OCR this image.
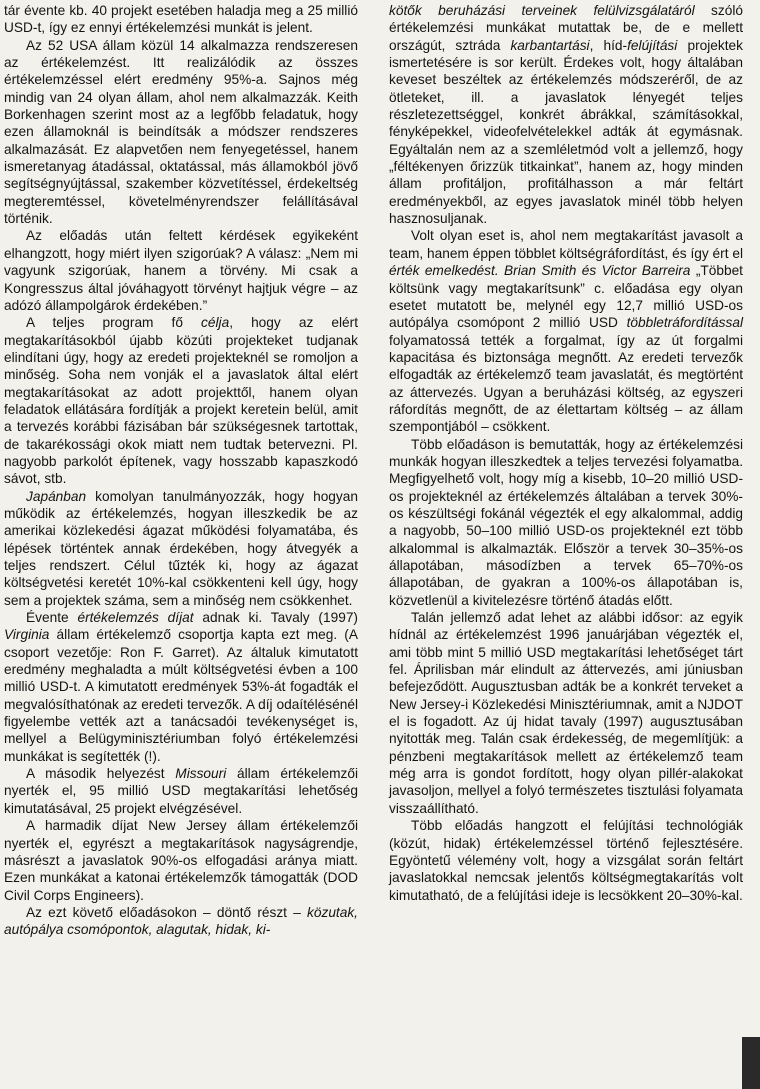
tár évente kb. 40 projekt esetében haladja meg a 25 millió USD-t, így ez ennyi értékelemzési munkát is jelent.

Az 52 USA állam közül 14 alkalmazza rendszeresen az értékelemzést. Itt realizálódik az összes értékelemzéssel elért eredmény 95%-a. Sajnos még mindig van 24 olyan állam, ahol nem alkalmazzák. Keith Borkenhagen szerint most az a legfőbb feladatuk, hogy ezen államoknál is beindítsák a módszer rendszeres alkalmazását. Ez alapvetően nem fenyegetéssel, hanem ismeretanyag átadással, oktatással, más államokból jövő segítségnyújtással, szakember közvetítéssel, érdekeltség megteremtéssel, követelményrendszer felállításával történik.

Az előadás után feltett kérdések egyikeként elhangzott, hogy miért ilyen szigorúak? A válasz: „Nem mi vagyunk szigorúak, hanem a törvény. Mi csak a Kongresszus által jóváhagyott törvényt hajtjuk végre – az adózó állampolgárok érdekében.”

A teljes program fő célja, hogy az elért megtakarításokból újabb közúti projekteket tudjanak elindítani úgy, hogy az eredeti projekteknél se romoljon a minőség. Soha nem vonják el a javaslatok által elért megtakarításokat az adott projekttől, hanem olyan feladatok ellátására fordítják a projekt keretein belül, amit a tervezés korábbi fázisában bár szükségesnek tartottak, de takarékossági okok miatt nem tudtak betervezni. Pl. nagyobb parkolót építenek, vagy hosszabb kapaszkodó sávot, stb.

Japánban komolyan tanulmányozzák, hogy hogyan működik az értékelemzés, hogyan illeszkedik be az amerikai közlekedési ágazat működési folyamatába, és lépések történtek annak érdekében, hogy átvegyék a teljes rendszert. Célul tűzték ki, hogy az ágazat költségvetési keretét 10%-kal csökkenteni kell úgy, hogy sem a projektek száma, sem a minőség nem csökkenhet.

Évente értékelemzés díjat adnak ki. Tavaly (1997) Virginia állam értékelemző csoportja kapta ezt meg. (A csoport vezetője: Ron F. Garret). Az általuk kimutatott eredmény meghaladta a múlt költségvetési évben a 100 millió USD-t. A kimutatott eredmények 53%-át fogadták el megvalósíthatónak az eredeti tervezők. A díj odaítélésénél figyelembe vették azt a tanácsadói tevékenységet is, mellyel a Belügyminisztériumban folyó értékelemzési munkákat is segítették (!).

A második helyezést Missouri állam értékelemzői nyerték el, 95 millió USD megtakarítási lehetőség kimutatásával, 25 projekt elvégzésével.

A harmadik díjat New Jersey állam értékelemzői nyerték el, egyrészt a megtakarítások nagyságrendje, másrészt a javaslatok 90%-os elfogadási aránya miatt. Ezen munkákat a katonai értékelemzők támogatták (DOD Civil Corps Engineers).

Az ezt követő előadásokon – döntő részt – közutak, autópálya csomópontok, alagutak, hidak, ki-

kötők beruházási terveinek felülvizsgálatáról szóló értékelemzési munkákat mutattak be, de e mellett országút, sztráda karbantartási, híd-felújítási projektek ismertetésére is sor került. Érdekes volt, hogy általában keveset beszéltek az értékelemzés módszeréről, de az ötleteket, ill. a javaslatok lényegét teljes részletezettséggel, konkrét ábrákkal, számításokkal, fényképekkel, videofelvételekkel adták át egymásnak. Egyáltalán nem az a szemléletmód volt a jellemző, hogy „féltékenyen őrizzük titkainkat”, hanem az, hogy minden állam profitáljon, profitálhasson a már feltárt eredményekből, az egyes javaslatok minél több helyen hasznosuljanak.

Volt olyan eset is, ahol nem megtakarítást javasolt a team, hanem éppen többlet költségráfordítást, és így ért el érték emelkedést. Brian Smith és Victor Barreira „Többet költsünk vagy megtakarítsunk” c. előadása egy olyan esetet mutatott be, melynél egy 12,7 millió USD-os autópálya csomópont 2 millió USD többletráfordítással folyamatossá tették a forgalmat, így az út forgalmi kapacitása és biztonsága megnőtt. Az eredeti tervezők elfogadták az értékelemző team javaslatát, és megtörtént az áttervezés. Ugyan a beruházási költség, az egyszeri ráfordítás megnőtt, de az élettartam költség – az állam szempontjából – csökkent.

Több előadáson is bemutatták, hogy az értékelemzési munkák hogyan illeszkedtek a teljes tervezési folyamatba. Megfigyelhető volt, hogy míg a kisebb, 10–20 millió USD-os projekteknél az értékelemzés általában a tervek 30%-os készültségi fokánál végezték el egy alkalommal, addig a nagyobb, 50–100 millió USD-os projekteknél ezt több alkalommal is alkalmazták. Először a tervek 30–35%-os állapotában, másodízben a tervek 65–70%-os állapotában, de gyakran a 100%-os állapotában is, közvetlenül a kivitelezésre történő átadás előtt.

Talán jellemző adat lehet az alábbi idősor: az egyik hídnál az értékelemzést 1996 januárjában végezték el, ami több mint 5 millió USD megtakarítási lehetőséget tárt fel. Áprilisban már elindult az áttervezés, ami júniusban befejeződött. Augusztusban adták be a konkrét terveket a New Jersey-i Közlekedési Minisztériumnak, amit a NJDOT el is fogadott. Az új hidat tavaly (1997) augusztusában nyitották meg. Talán csak érdekesség, de megemlítjük: a pénzbeni megtakarítások mellett az értékelemző team még arra is gondot fordított, hogy olyan pillér-alakokat javasoljon, mellyel a folyó természetes tisztulási folyamata visszaállítható.

Több előadás hangzott el felújítási technológiák (közút, hidak) értékelemzéssel történő fejlesztésére. Egyöntetű vélemény volt, hogy a vizsgálat során feltárt javaslatokkal nemcsak jelentős költségmegtakarítás volt kimutatható, de a felújítási ideje is lecsökkent 20–30%-kal.
